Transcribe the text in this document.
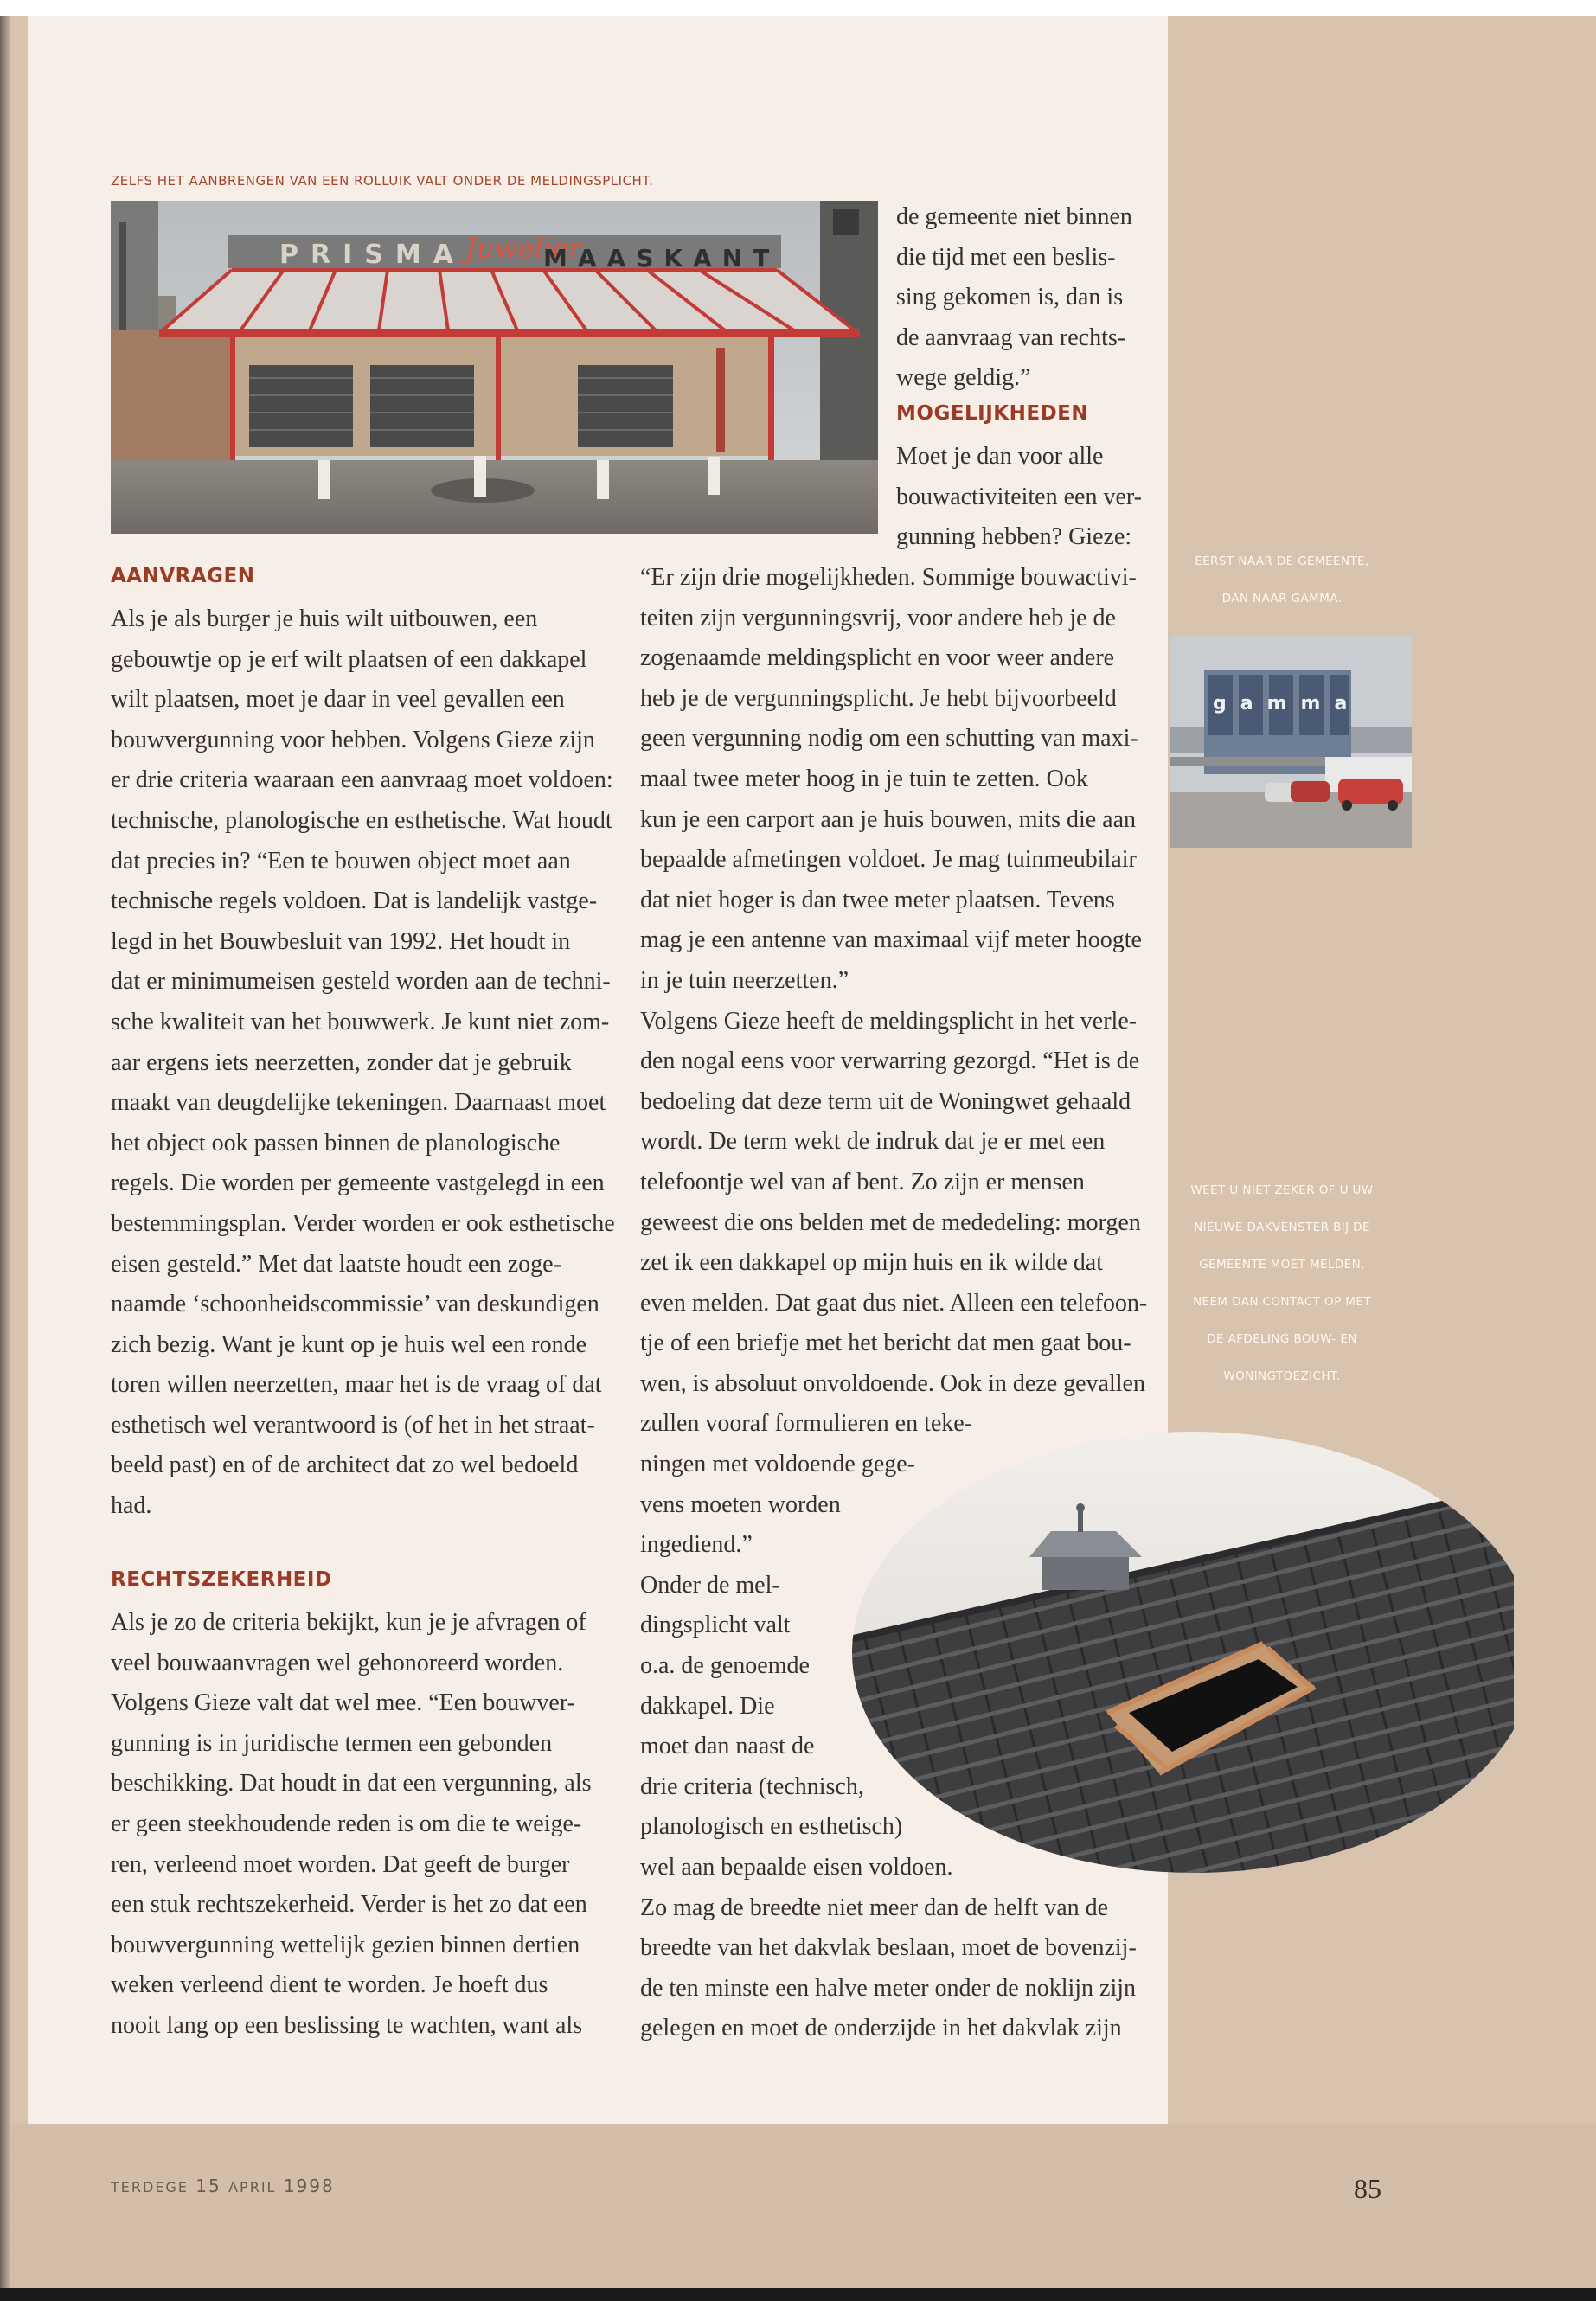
ZELFS HET AANBRENGEN VAN EEN ROLLUIK VALT ONDER DE MELDINGSPLICHT.
PRISMA Juwelier
MAASKANT
de gemeente niet binnen
die tijd met een beslis-
sing gekomen is, dan is
de aanvraag van rechts-
wege geldig.”
MOGELIJKHEDEN
Moet je dan voor alle
bouwactiviteiten een ver-
gunning hebben? Gieze:
AANVRAGEN
Als je als burger je huis wilt uitbouwen, een
gebouwtje op je erf wilt plaatsen of een dakkapel
wilt plaatsen, moet je daar in veel gevallen een
bouwvergunning voor hebben. Volgens Gieze zijn
er drie criteria waaraan een aanvraag moet voldoen:
technische, planologische en esthetische. Wat houdt
dat precies in? “Een te bouwen object moet aan
technische regels voldoen. Dat is landelijk vastge-
legd in het Bouwbesluit van 1992. Het houdt in
dat er minimumeisen gesteld worden aan de techni-
sche kwaliteit van het bouwwerk. Je kunt niet zom-
aar ergens iets neerzetten, zonder dat je gebruik
maakt van deugdelijke tekeningen. Daarnaast moet
het object ook passen binnen de planologische
regels. Die worden per gemeente vastgelegd in een
bestemmingsplan. Verder worden er ook esthetische
eisen gesteld.” Met dat laatste houdt een zoge-
naamde ‘schoonheidscommissie’ van deskundigen
zich bezig. Want je kunt op je huis wel een ronde
toren willen neerzetten, maar het is de vraag of dat
esthetisch wel verantwoord is (of het in het straat-
beeld past) en of de architect dat zo wel bedoeld
had.
RECHTSZEKERHEID
Als je zo de criteria bekijkt, kun je je afvragen of
veel bouwaanvragen wel gehonoreerd worden.
Volgens Gieze valt dat wel mee. “Een bouwver-
gunning is in juridische termen een gebonden
beschikking. Dat houdt in dat een vergunning, als
er geen steekhoudende reden is om die te weige-
ren, verleend moet worden. Dat geeft de burger
een stuk rechtszekerheid. Verder is het zo dat een
bouwvergunning wettelijk gezien binnen dertien
weken verleend dient te worden. Je hoeft dus
nooit lang op een beslissing te wachten, want als
“Er zijn drie mogelijkheden. Sommige bouwactivi-
teiten zijn vergunningsvrij, voor andere heb je de
zogenaamde meldingsplicht en voor weer andere
heb je de vergunningsplicht. Je hebt bijvoorbeeld
geen vergunning nodig om een schutting van maxi-
maal twee meter hoog in je tuin te zetten. Ook
kun je een carport aan je huis bouwen, mits die aan
bepaalde afmetingen voldoet. Je mag tuinmeubilair
dat niet hoger is dan twee meter plaatsen. Tevens
mag je een antenne van maximaal vijf meter hoogte
in je tuin neerzetten.”
Volgens Gieze heeft de meldingsplicht in het verle-
den nogal eens voor verwarring gezorgd. “Het is de
bedoeling dat deze term uit de Woningwet gehaald
wordt. De term wekt de indruk dat je er met een
telefoontje wel van af bent. Zo zijn er mensen
geweest die ons belden met de mededeling: morgen
zet ik een dakkapel op mijn huis en ik wilde dat
even melden. Dat gaat dus niet. Alleen een telefoon-
tje of een briefje met het bericht dat men gaat bou-
wen, is absoluut onvoldoende. Ook in deze gevallen
zullen vooraf formulieren en teke-
ningen met voldoende gege-
vens moeten worden
ingediend.”
Onder de mel-
dingsplicht valt
o.a. de genoemde
dakkapel. Die
moet dan naast de
drie criteria (technisch,
planologisch en esthetisch)
wel aan bepaalde eisen voldoen.
Zo mag de breedte niet meer dan de helft van de
breedte van het dakvlak beslaan, moet de bovenzij-
de ten minste een halve meter onder de noklijn zijn
gelegen en moet de onderzijde in het dakvlak zijn
EERST NAAR DE GEMEENTE,
DAN NAAR GAMMA.
gamma
WEET U NIET ZEKER OF U UW
NIEUWE DAKVENSTER BIJ DE
GEMEENTE MOET MELDEN,
NEEM DAN CONTACT OP MET
DE AFDELING BOUW- EN
WONINGTOEZICHT.
TERDEGE 15 APRIL 1998	85
